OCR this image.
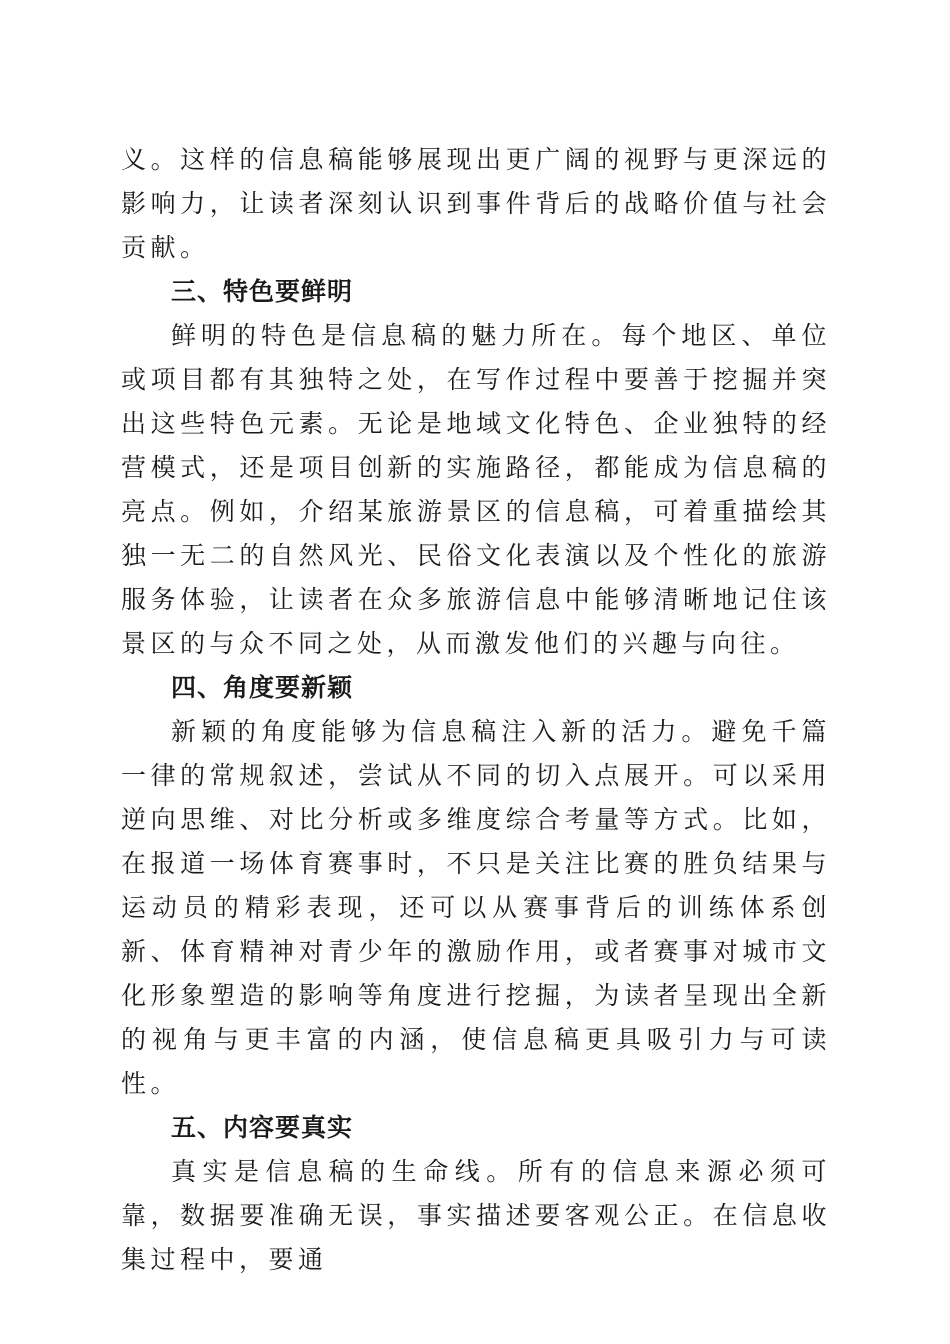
义。这样的信息稿能够展现出更广阔的视野与更深远的影响力，让读者深刻认识到事件背后的战略价值与社会贡献。

三、特色要鲜明

鲜明的特色是信息稿的魅力所在。每个地区、单位或项目都有其独特之处，在写作过程中要善于挖掘并突出这些特色元素。无论是地域文化特色、企业独特的经营模式，还是项目创新的实施路径，都能成为信息稿的亮点。例如，介绍某旅游景区的信息稿，可着重描绘其独一无二的自然风光、民俗文化表演以及个性化的旅游服务体验，让读者在众多旅游信息中能够清晰地记住该景区的与众不同之处，从而激发他们的兴趣与向往。

四、角度要新颖

新颖的角度能够为信息稿注入新的活力。避免千篇一律的常规叙述，尝试从不同的切入点展开。可以采用逆向思维、对比分析或多维度综合考量等方式。比如，在报道一场体育赛事时，不只是关注比赛的胜负结果与运动员的精彩表现，还可以从赛事背后的训练体系创新、体育精神对青少年的激励作用，或者赛事对城市文化形象塑造的影响等角度进行挖掘，为读者呈现出全新的视角与更丰富的内涵，使信息稿更具吸引力与可读性。

五、内容要真实

真实是信息稿的生命线。所有的信息来源必须可靠，数据要准确无误，事实描述要客观公正。在信息收集过程中，要通
